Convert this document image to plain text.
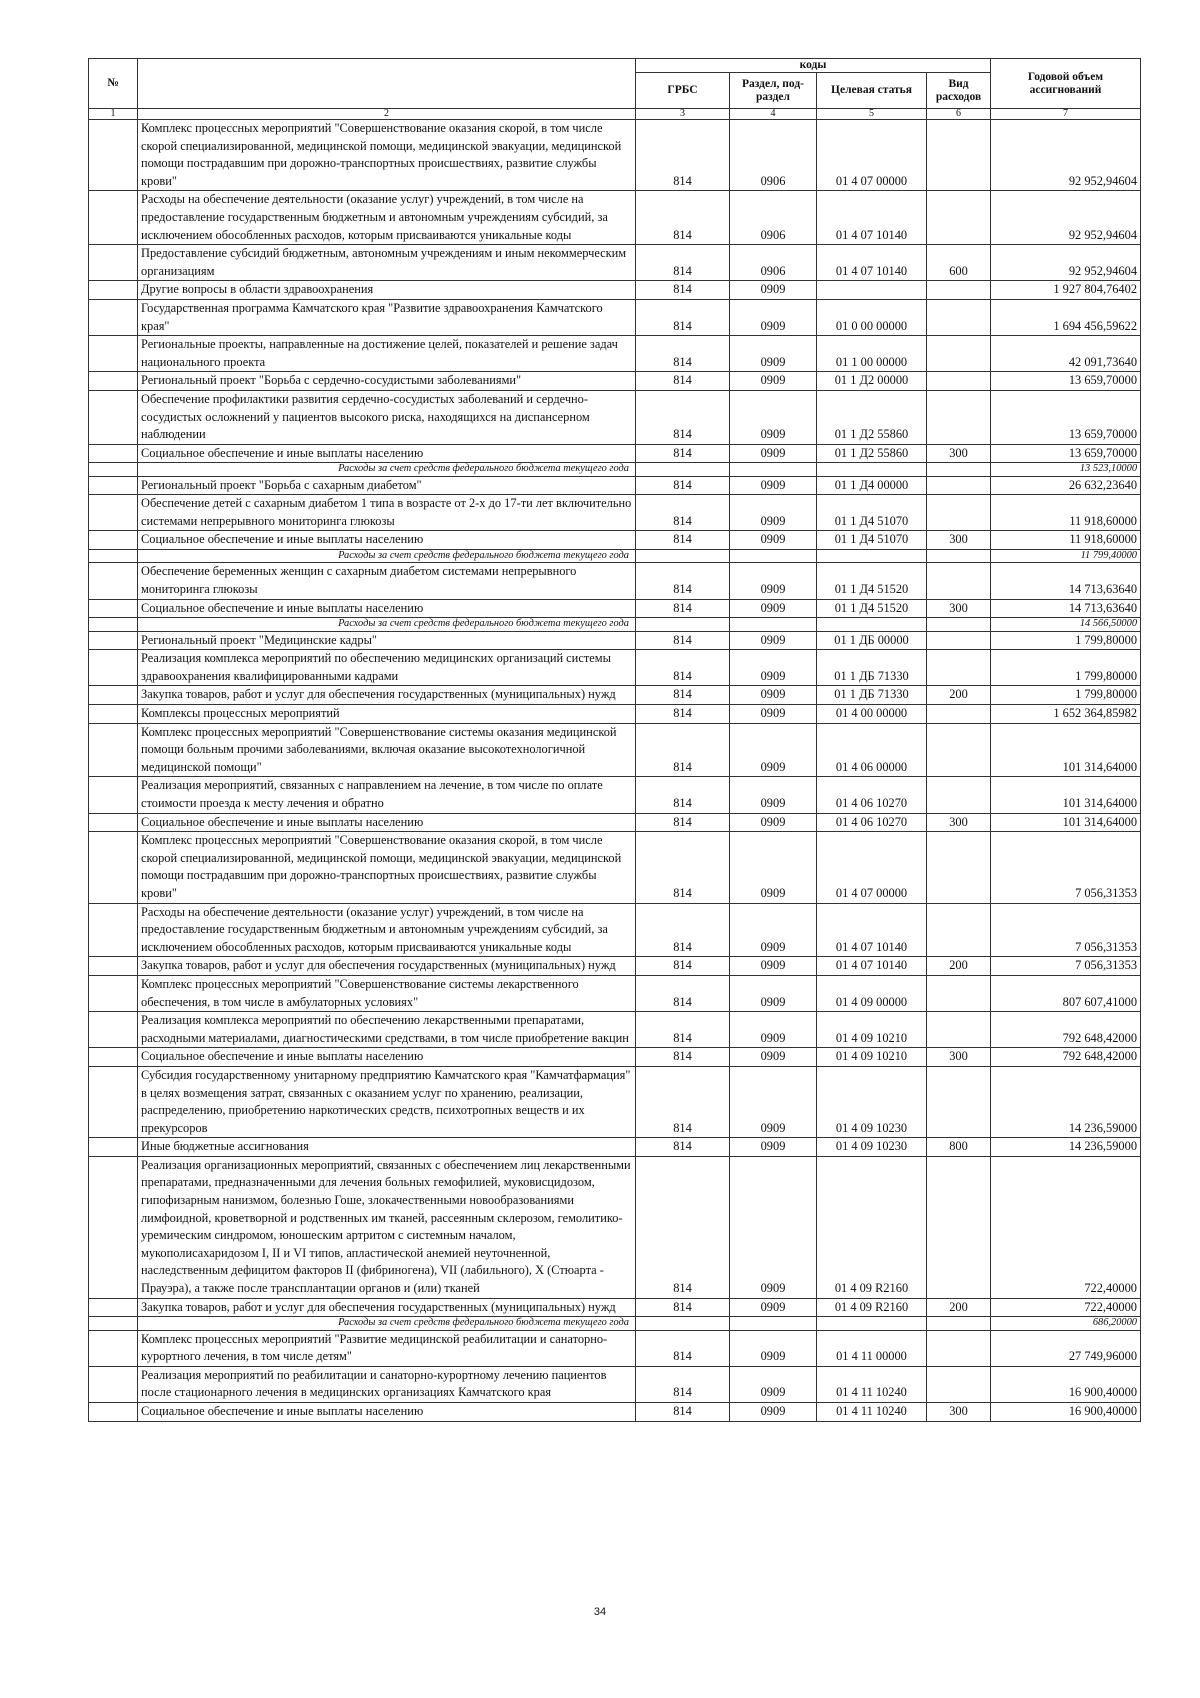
№		коды				Годовой объем ассигнований
		ГРБС	Раздел, под-раздел	Целевая статья	Вид расходов	
1	2	3	4	5	6	7
	Комплекс процессных мероприятий "Совершенствование оказания скорой, в том числе скорой специализированной, медицинской помощи, медицинской эвакуации, медицинской помощи пострадавшим при дорожно-транспортных происшествиях, развитие службы крови"	814	0906	01 4 07 00000		92 952,94604
	Расходы на обеспечение деятельности (оказание услуг) учреждений, в том числе на предоставление государственным бюджетным и автономным учреждениям субсидий, за исключением обособленных расходов, которым присваиваются уникальные коды	814	0906	01 4 07 10140		92 952,94604
	Предоставление субсидий бюджетным, автономным учреждениям и иным некоммерческим организациям	814	0906	01 4 07 10140	600	92 952,94604
	Другие вопросы в области здравоохранения	814	0909			1 927 804,76402
	Государственная программа Камчатского края "Развитие здравоохранения Камчатского края"	814	0909	01 0 00 00000		1 694 456,59622
	Региональные проекты, направленные на достижение целей, показателей и решение задач национального проекта	814	0909	01 1 00 00000		42 091,73640
	Региональный проект "Борьба с сердечно-сосудистыми заболеваниями"	814	0909	01 1 Д2 00000		13 659,70000
	Обеспечение профилактики развития сердечно-сосудистых заболеваний и сердечно-сосудистых осложнений у пациентов высокого риска, находящихся на диспансерном наблюдении	814	0909	01 1 Д2 55860		13 659,70000
	Социальное обеспечение и иные выплаты населению	814	0909	01 1 Д2 55860	300	13 659,70000
	Расходы за счет средств федерального бюджета текущего года					13 523,10000
	Региональный проект "Борьба с сахарным диабетом"	814	0909	01 1 Д4 00000		26 632,23640
	Обеспечение детей с сахарным диабетом 1 типа в возрасте от 2-х до 17-ти лет включительно системами непрерывного мониторинга глюкозы	814	0909	01 1 Д4 51070		11 918,60000
	Социальное обеспечение и иные выплаты населению	814	0909	01 1 Д4 51070	300	11 918,60000
	Расходы за счет средств федерального бюджета текущего года					11 799,40000
	Обеспечение беременных женщин с сахарным диабетом системами непрерывного мониторинга глюкозы	814	0909	01 1 Д4 51520		14 713,63640
	Социальное обеспечение и иные выплаты населению	814	0909	01 1 Д4 51520	300	14 713,63640
	Расходы за счет средств федерального бюджета текущего года					14 566,50000
	Региональный проект "Медицинские кадры"	814	0909	01 1 ДБ 00000		1 799,80000
	Реализация комплекса мероприятий по обеспечению медицинских организаций системы здравоохранения квалифицированными кадрами	814	0909	01 1 ДБ 71330		1 799,80000
	Закупка товаров, работ и услуг для обеспечения государственных (муниципальных) нужд	814	0909	01 1 ДБ 71330	200	1 799,80000
	Комплексы процессных мероприятий	814	0909	01 4 00 00000		1 652 364,85982
	Комплекс процессных мероприятий "Совершенствование системы оказания медицинской помощи больным прочими заболеваниями, включая оказание высокотехнологичной медицинской помощи"	814	0909	01 4 06 00000		101 314,64000
	Реализация мероприятий, связанных с направлением на лечение, в том числе по оплате стоимости проезда к месту лечения и обратно	814	0909	01 4 06 10270		101 314,64000
	Социальное обеспечение и иные выплаты населению	814	0909	01 4 06 10270	300	101 314,64000
	Комплекс процессных мероприятий "Совершенствование оказания скорой, в том числе скорой специализированной, медицинской помощи, медицинской эвакуации, медицинской помощи пострадавшим при дорожно-транспортных происшествиях, развитие службы крови"	814	0909	01 4 07 00000		7 056,31353
	Расходы на обеспечение деятельности (оказание услуг) учреждений, в том числе на предоставление государственным бюджетным и автономным учреждениям субсидий, за исключением обособленных расходов, которым присваиваются уникальные коды	814	0909	01 4 07 10140		7 056,31353
	Закупка товаров, работ и услуг для обеспечения государственных (муниципальных) нужд	814	0909	01 4 07 10140	200	7 056,31353
	Комплекс процессных мероприятий "Совершенствование системы лекарственного обеспечения, в том числе в амбулаторных условиях"	814	0909	01 4 09 00000		807 607,41000
	Реализация комплекса мероприятий по обеспечению лекарственными препаратами, расходными материалами, диагностическими средствами, в том числе приобретение вакцин	814	0909	01 4 09 10210		792 648,42000
	Социальное обеспечение и иные выплаты населению	814	0909	01 4 09 10210	300	792 648,42000
	Субсидия государственному унитарному предприятию Камчатского края "Камчатфармация" в целях возмещения затрат, связанных с оказанием услуг по хранению, реализации, распределению, приобретению наркотических средств, психотропных веществ и их прекурсоров	814	0909	01 4 09 10230		14 236,59000
	Иные бюджетные ассигнования	814	0909	01 4 09 10230	800	14 236,59000
	Реализация организационных мероприятий, связанных с обеспечением лиц лекарственными препаратами, предназначенными для лечения больных гемофилией, муковисцидозом, гипофизарным нанизмом, болезнью Гоше, злокачественными новообразованиями лимфоидной, кроветворной и родственных им тканей, рассеянным склерозом, гемолитико-уремическим синдромом, юношеским артритом с системным началом, мукополисахаридозом I, II и VI типов, апластической анемией неуточненной, наследственным дефицитом факторов II (фибриногена), VII (лабильного), X (Стюарта - Прауэра), а также после трансплантации органов и (или) тканей	814	0909	01 4 09 R2160		722,40000
	Закупка товаров, работ и услуг для обеспечения государственных (муниципальных) нужд	814	0909	01 4 09 R2160	200	722,40000
	Расходы за счет средств федерального бюджета текущего года					686,20000
	Комплекс процессных мероприятий "Развитие медицинской реабилитации и санаторно-курортного лечения, в том числе детям"	814	0909	01 4 11 00000		27 749,96000
	Реализация мероприятий по реабилитации и санаторно-курортному лечению пациентов после стационарного лечения в медицинских организациях Камчатского края	814	0909	01 4 11 10240		16 900,40000
	Социальное обеспечение и иные выплаты населению	814	0909	01 4 11 10240	300	16 900,40000
34
